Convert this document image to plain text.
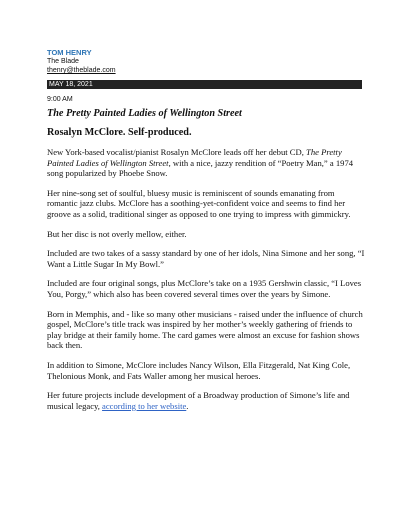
TOM HENRY
The Blade
thenry@theblade.com
MAY 18, 2021
9:00 AM
The Pretty Painted Ladies of Wellington Street
Rosalyn McClore. Self-produced.

New York-based vocalist/pianist Rosalyn McClore leads off her debut CD, The Pretty Painted Ladies of Wellington Street, with a nice, jazzy rendition of “Poetry Man,” a 1974 song popularized by Phoebe Snow.

Her nine-song set of soulful, bluesy music is reminiscent of sounds emanating from romantic jazz clubs. McClore has a soothing-yet-confident voice and seems to find her groove as a solid, traditional singer as opposed to one trying to impress with gimmickry.

But her disc is not overly mellow, either.

Included are two takes of a sassy standard by one of her idols, Nina Simone and her song, “I Want a Little Sugar In My Bowl.”

Included are four original songs, plus McClore’s take on a 1935 Gershwin classic, “I Loves You, Porgy,” which also has been covered several times over the years by Simone.

Born in Memphis, and - like so many other musicians - raised under the influence of church gospel, McClore’s title track was inspired by her mother’s weekly gathering of friends to play bridge at their family home. The card games were almost an excuse for fashion shows back then.

In addition to Simone, McClore includes Nancy Wilson, Ella Fitzgerald, Nat King Cole, Thelonious Monk, and Fats Waller among her musical heroes.

Her future projects include development of a Broadway production of Simone’s life and musical legacy, according to her website.
